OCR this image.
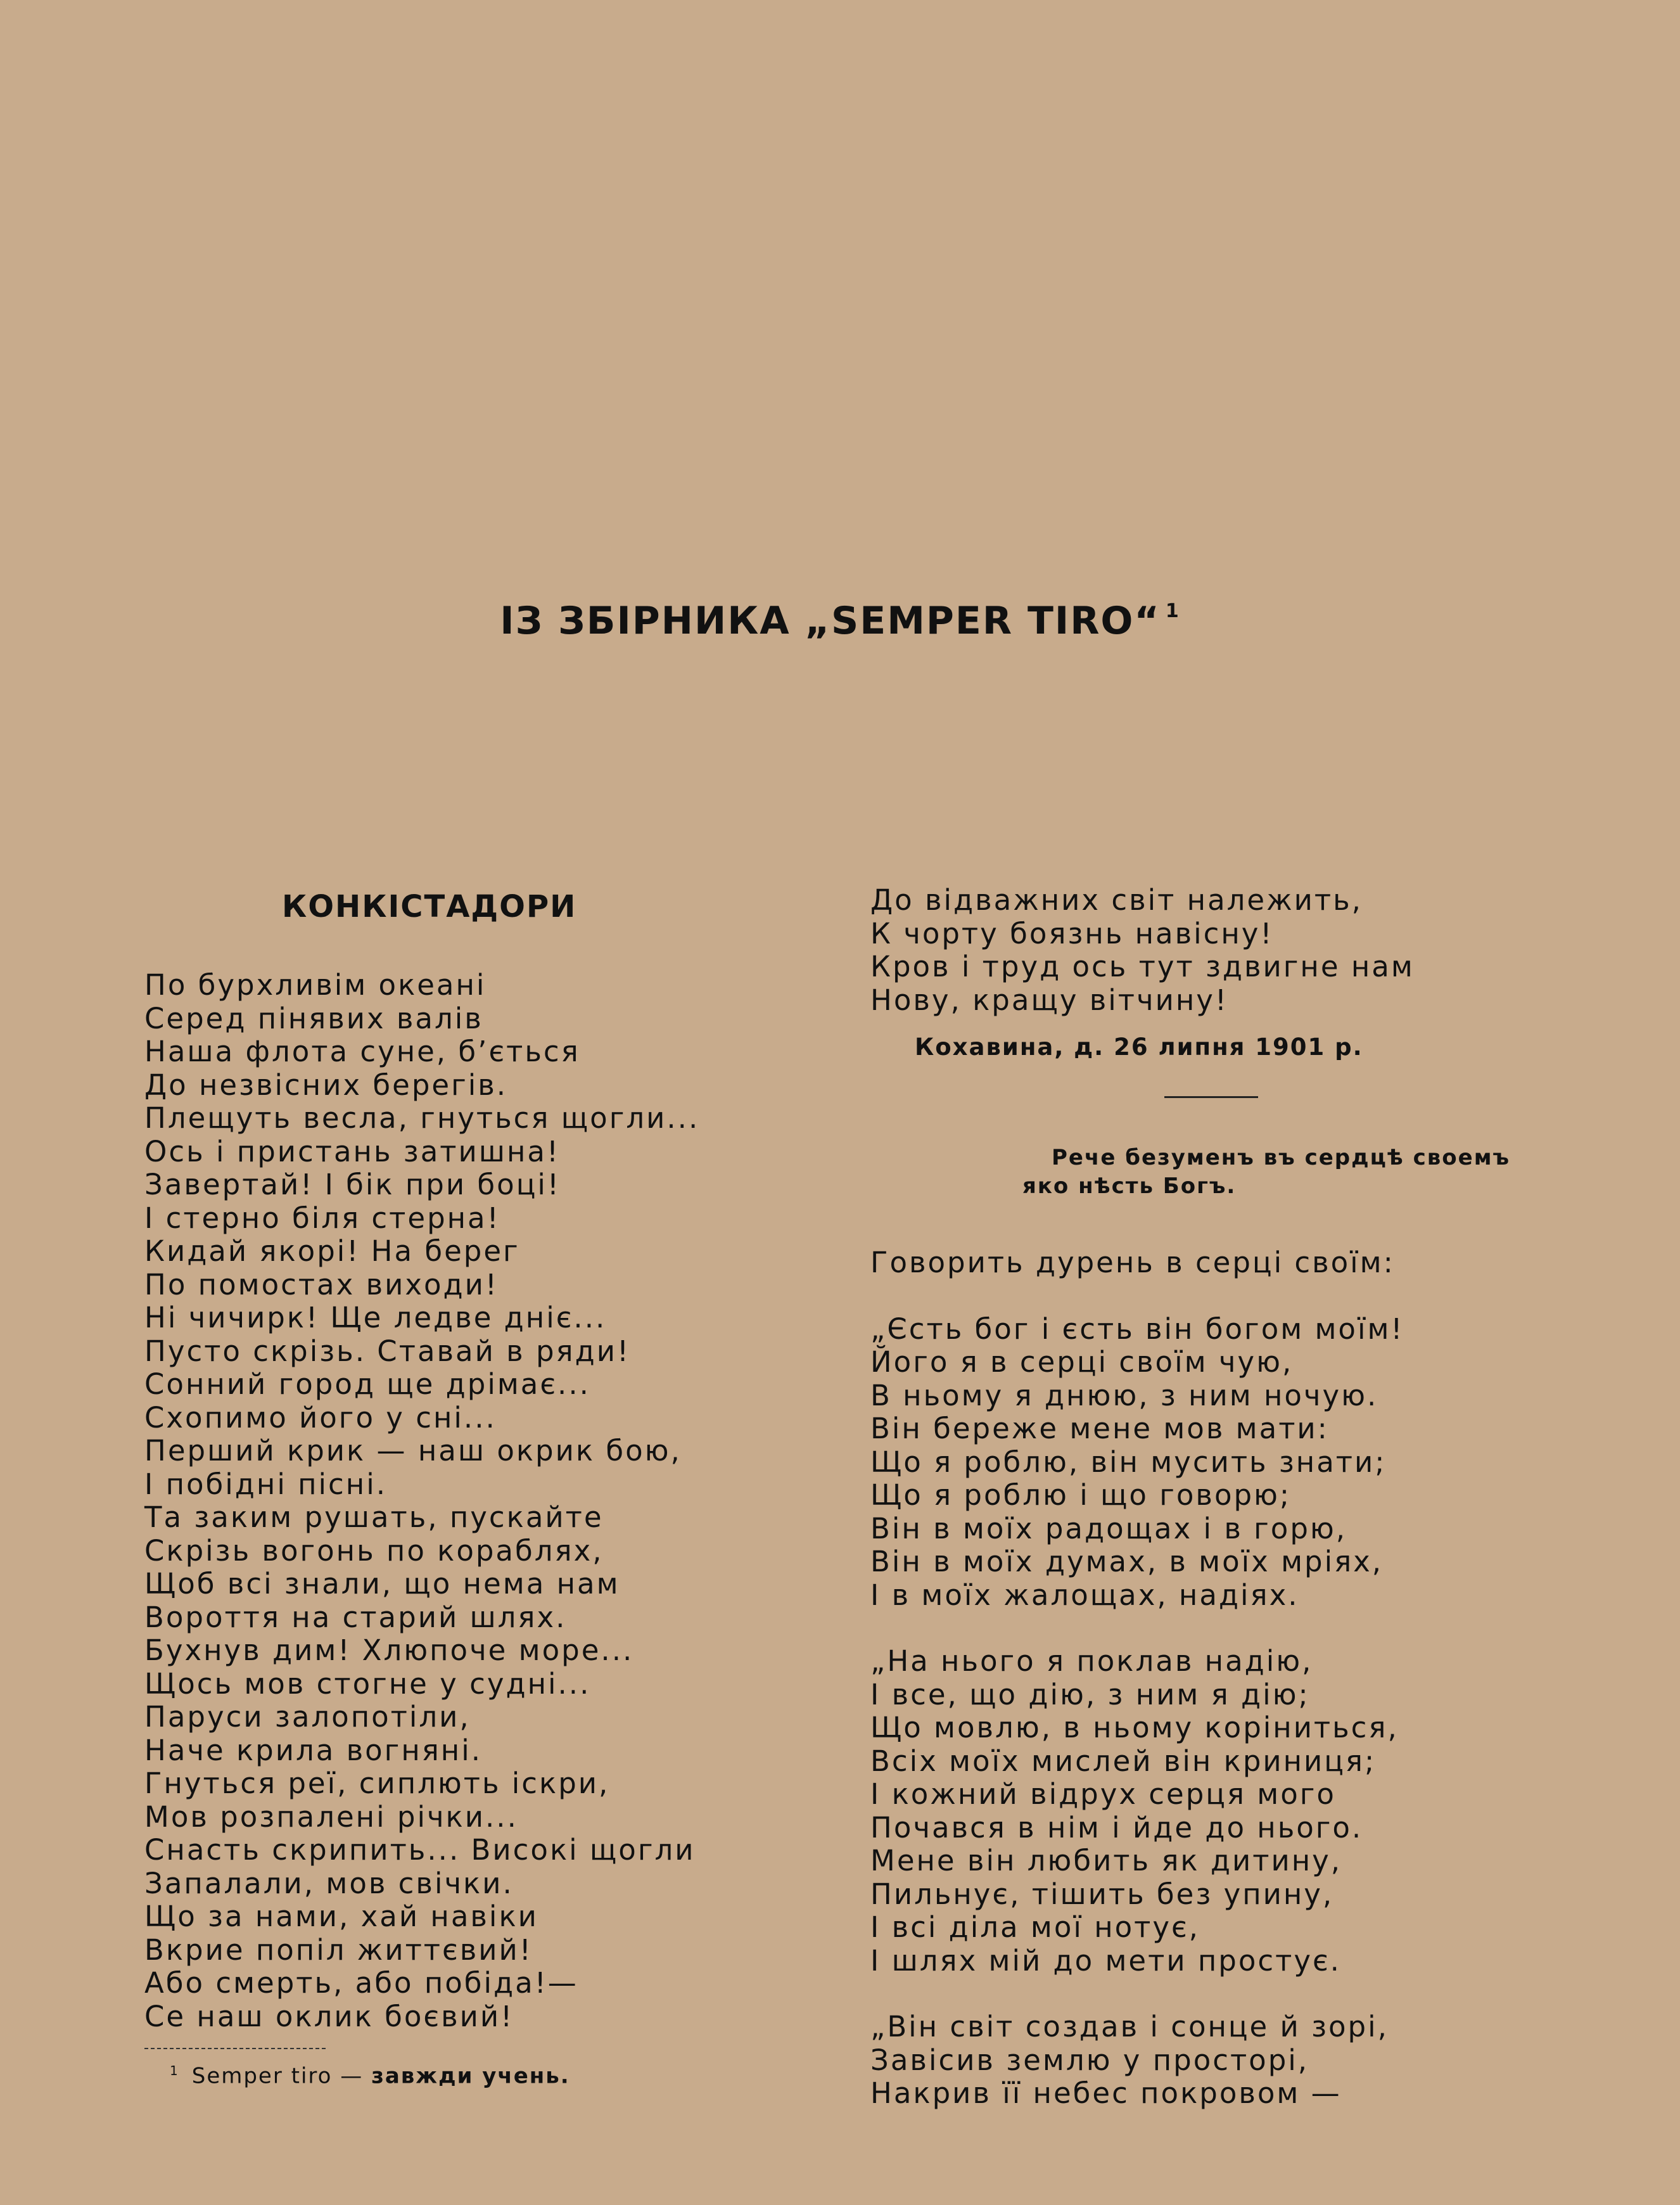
ІЗ ЗБІРНИКА „SEMPER TIRO“ $^1$
КОНКІСТАДОРИ
По бурхливім океані
Серед пінявих валів
Наша флота суне, б’ється
До незвісних берегів.
Плещуть весла, гнуться щогли...
Ось і пристань затишна!
Завертай! І бік при боці!
І стерно біля стерна!
Кидай якорі! На берег
По помостах виходи!
Ні чичирк! Ще ледве дніє...
Пусто скрізь. Ставай в ряди!
Сонний город ще дрімає...
Схопимо його у сні...
Перший крик — наш окрик бою,
І побідні пісні.
Та заким рушать, пускайте
Скрізь вогонь по кораблях,
Щоб всі знали, що нема нам
Вороття на старий шлях.
Бухнув дим! Хлюпоче море...
Щось мов стогне у судні...
Паруси залопотіли,
Наче крила вогняні.
Гнуться реї, сиплють іскри,
Мов розпалені річки...
Снасть скрипить... Високі щогли
Запалали, мов свічки.
Що за нами, хай навіки
Вкрие попіл життєвий!
Або смерть, або побіда!—
Се наш оклик боєвий!
До відважних світ належить,
К чорту боязнь навісну!
Кров і труд ось тут здвигне нам
Нову, кращу вітчину!
Кохавина, д. 26 липня 1901 р.
Рече безуменъ въ сердцѣ своемъ
яко нѣсть Богъ.
Говорить дурень в серці своїм:
„Єсть бог і єсть він богом моїм!
Його я в серці своїм чую,
В ньому я днюю, з ним ночую.
Він береже мене мов мати:
Що я роблю, він мусить знати;
Що я роблю і що говорю;
Він в моїх радощах і в горю,
Він в моїх думах, в моїх мріях,
І в моїх жалощах, надіях.
„На нього я поклав надію,
І все, що дію, з ним я дію;
Що мовлю, в ньому коріниться,
Всіх моїх мислей він криниця;
І кожний відрух серця мого
Почався в нім і йде до нього.
Мене він любить як дитину,
Пильнує, тішить без упину,
І всі діла мої нотує,
І шлях мій до мети простує.
„Він світ создав і сонце й зорі,
Завісив землю у просторі,
Накрив її небес покровом —

$^1$ Semper tiro — завжди учень.
